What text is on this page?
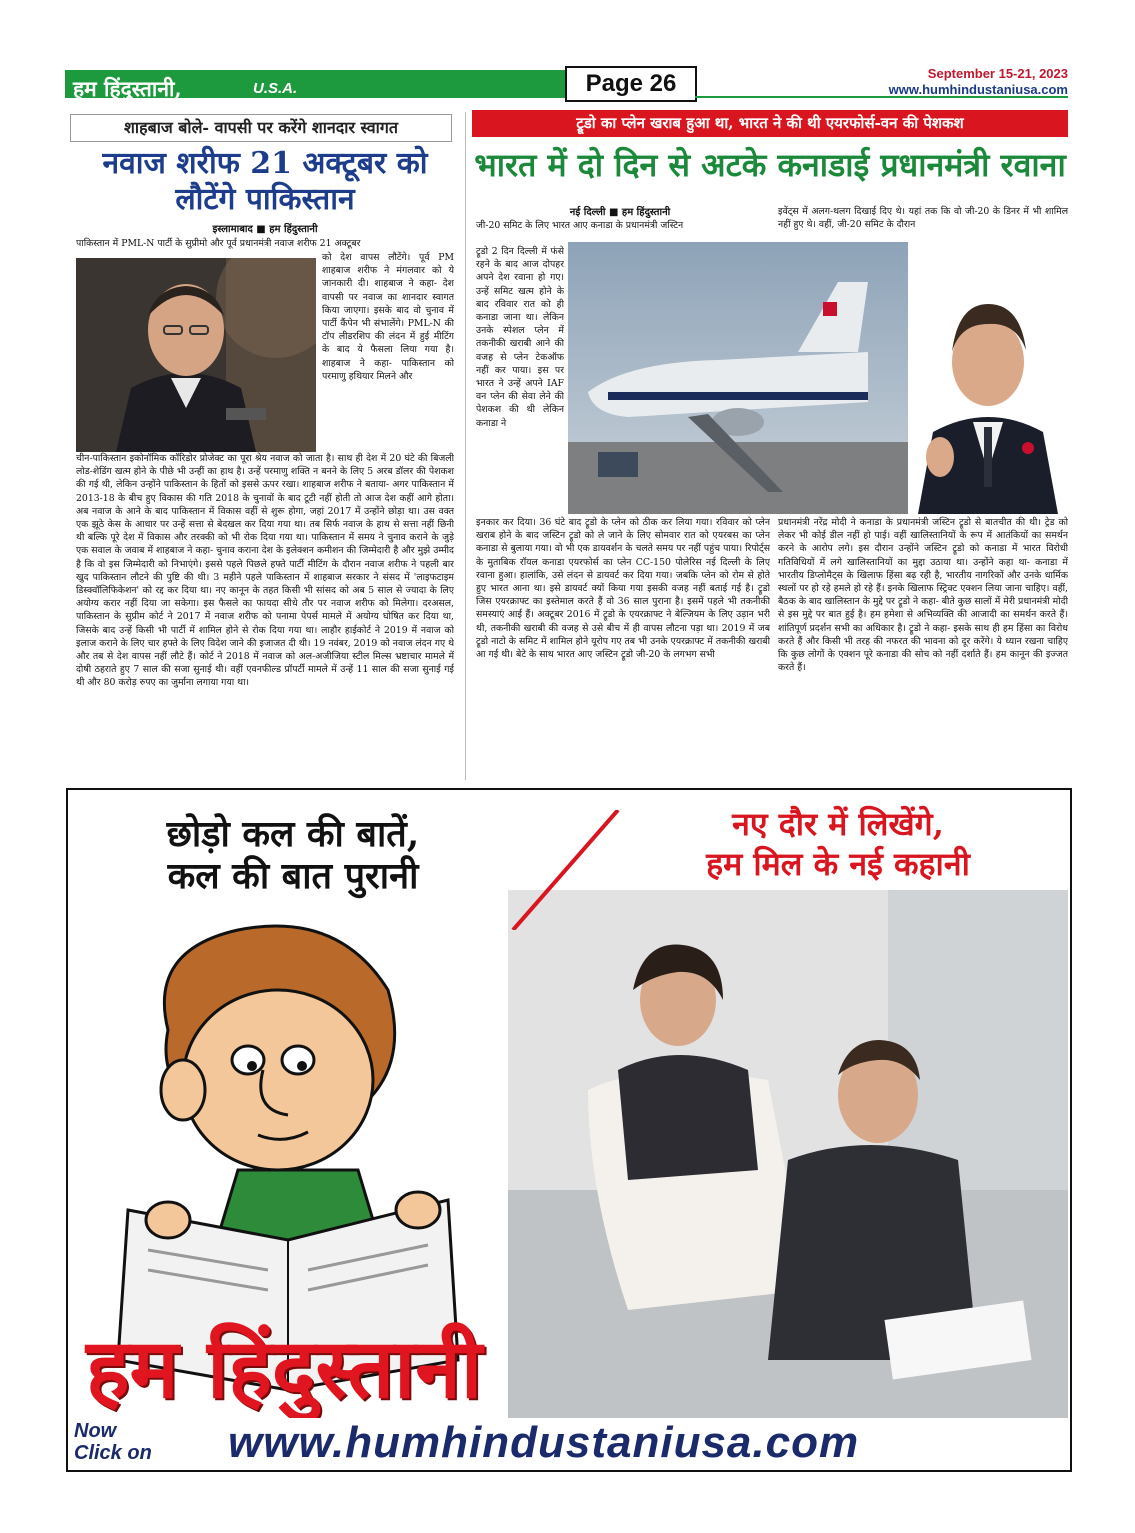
हम हिंदुस्तानी,	U.S.A.	Page 26	September 15-21, 2023
www.humhindustaniusa.com
शाहबाज बोले- वापसी पर करेंगे शानदार स्वागत
नवाज शरीफ 21 अक्टूबर को लौटेंगे पाकिस्तान
इस्लामाबाद ■ हम हिंदुस्तानी

पाकिस्तान में PML-N पार्टी के सुप्रीमो और पूर्व प्रधानमंत्री नवाज शरीफ 21 अक्टूबर

को देश वापस लौटेंगे। पूर्व PM शाहबाज शरीफ ने मंगलवार को ये जानकारी दी। शाहबाज ने कहा- देश वापसी पर नवाज का शानदार स्वागत किया जाएगा। इसके बाद वो चुनाव में पार्टी कैंपेन भी संभालेंगे। PML-N की टॉप लीडरशिप की लंदन में हुई मीटिंग के बाद ये फैसला लिया गया है। शाहबाज ने कहा- पाकिस्तान को परमाणु हथियार मिलने और

चीन-पाकिस्तान इकोनॉमिक कॉरिडोर प्रोजेक्ट का पूरा श्रेय नवाज को जाता है। साथ ही देश में 20 घंटे की बिजली लोड-शेडिंग खत्म होने के पीछे भी उन्हीं का हाथ है। उन्हें परमाणु शक्ति न बनने के लिए 5 अरब डॉलर की पेशकश की गई थी, लेकिन उन्होंने पाकिस्तान के हितों को इससे ऊपर रखा। शाहबाज शरीफ ने बताया- अगर पाकिस्तान में 2013-18 के बीच हुए विकास की गति 2018 के चुनावों के बाद टूटी नहीं होती तो आज देश कहीं आगे होता। अब नवाज के आने के बाद पाकिस्तान में विकास वहीं से शुरू होगा, जहां 2017 में उन्होंने छोड़ा था। उस वक्त एक झूठे केस के आधार पर उन्हें सत्ता से बेदखल कर दिया गया था। तब सिर्फ नवाज के हाथ से सत्ता नहीं छिनी थी बल्कि पूरे देश में विकास और तरक्की को भी रोक दिया गया था। पाकिस्तान में समय ने चुनाव कराने के जुड़े एक सवाल के जवाब में शाहबाज ने कहा- चुनाव कराना देश के इलेक्शन कमीशन की जिम्मेदारी है और मुझे उम्मीद है कि वो इस जिम्मेदारी को निभाएंगे। इससे पहले पिछले हफ्ते पार्टी मीटिंग के दौरान नवाज शरीफ ने पहली बार खुद पाकिस्तान लौटने की पुष्टि की थी। 3 महीने पहले पाकिस्तान में शाहबाज सरकार ने संसद में 'लाइफटाइम डिस्क्वॉलिफिकेशन' को रद्द कर दिया था। नए कानून के तहत किसी भी सांसद को अब 5 साल से ज्यादा के लिए अयोग्य करार नहीं दिया जा सकेगा। इस फैसले का फायदा सीधे तौर पर नवाज शरीफ को मिलेगा। दरअसल, पाकिस्तान के सुप्रीम कोर्ट ने 2017 में नवाज शरीफ को पनामा पेपर्स मामले में अयोग्य घोषित कर दिया था, जिसके बाद उन्हें किसी भी पार्टी में शामिल होने से रोक दिया गया था। लाहौर हाईकोर्ट ने 2019 में नवाज को इलाज कराने के लिए चार हफ्ते के लिए विदेश जाने की इजाजत दी थी। 19 नवंबर, 2019 को नवाज लंदन गए थे और तब से देश वापस नहीं लौटे हैं। कोर्ट ने 2018 में नवाज को अल-अजीजिया स्टील मिल्स भ्रष्टाचार मामले में दोषी ठहराते हुए 7 साल की सजा सुनाई थी। वहीं एवनफील्ड प्रॉपर्टी मामले में उन्हें 11 साल की सजा सुनाई गई थी और 80 करोड़ रुपए का जुर्माना लगाया गया था।

ट्रूडो का प्लेन खराब हुआ था, भारत ने की थी एयरफोर्स-वन की पेशकश
भारत में दो दिन से अटके कनाडाई प्रधानमंत्री रवाना
नई दिल्ली ■ हम हिंदुस्तानी

जी-20 समिट के लिए भारत आए कनाडा के प्रधानमंत्री जस्टिन

इवेंट्स में अलग-थलग दिखाई दिए थे। यहां तक कि वो जी-20 के डिनर में भी शामिल नहीं हुए थे। वहीं, जी-20 समिट के दौरान

ट्रूडो 2 दिन दिल्ली में फंसे रहने के बाद आज दोपहर अपने देश रवाना हो गए। उन्हें समिट खत्म होने के बाद रविवार रात को ही कनाडा जाना था। लेकिन उनके स्पेशल प्लेन में तकनीकी खराबी आने की वजह से प्लेन टेकऑफ नहीं कर पाया। इस पर भारत ने उन्हें अपने IAF वन प्लेन की सेवा लेने की पेशकश की थी लेकिन कनाडा ने

इनकार कर दिया। 36 घंटे बाद ट्रूडो के प्लेन को ठीक कर लिया गया। रविवार को प्लेन खराब होने के बाद जस्टिन ट्रूडो को ले जाने के लिए सोमवार रात को एयरबस का प्लेन कनाडा से बुलाया गया। वो भी एक डायवर्शन के चलते समय पर नहीं पहुंच पाया। रिपोर्ट्स के मुताबिक रॉयल कनाडा एयरफोर्स का प्लेन CC-150 पोलेरिस नई दिल्ली के लिए रवाना हुआ। हालांकि, उसे लंदन से डायवर्ट कर दिया गया। जबकि प्लेन को रोम से होते हुए भारत आना था। इसे डायवर्ट क्यों किया गया इसकी वजह नहीं बताई गई है। ट्रूडो जिस एयरक्राफ्ट का इस्तेमाल करते हैं वो 36 साल पुराना है। इसमें पहले भी तकनीकी समस्याएं आई हैं। अक्टूबर 2016 में ट्रूडो के एयरक्राफ्ट ने बेल्जियम के लिए उड़ान भरी थी, तकनीकी खराबी की वजह से उसे बीच में ही वापस लौटना पड़ा था। 2019 में जब ट्रूडो नाटो के समिट में शामिल होने यूरोप गए तब भी उनके एयरक्राफ्ट में तकनीकी खराबी आ गई थी। बेटे के साथ भारत आए जस्टिन ट्रूडो जी-20 के लगभग सभी

प्रधानमंत्री नरेंद्र मोदी ने कनाडा के प्रधानमंत्री जस्टिन ट्रूडो से बातचीत की थी। ट्रेड को लेकर भी कोई डील नहीं हो पाई। वहीं खालिस्तानियों के रूप में आतंकियों का समर्थन करने के आरोप लगे। इस दौरान उन्होंने जस्टिन ट्रूडो को कनाडा में भारत विरोधी गतिविधियों में लगे खालिस्तानियों का मुद्दा उठाया था। उन्होंने कहा था- कनाडा में भारतीय डिप्लोमैट्स के खिलाफ हिंसा बढ़ रही है, भारतीय नागरिकों और उनके धार्मिक स्थलों पर हो रहे हमले हो रहे हैं। इनके खिलाफ स्ट्रिक्ट एक्शन लिया जाना चाहिए। वहीं, बैठक के बाद खालिस्तान के मुद्दे पर ट्रूडो ने कहा- बीते कुछ सालों में मेरी प्रधानमंत्री मोदी से इस मुद्दे पर बात हुई है। हम हमेशा से अभिव्यक्ति की आजादी का समर्थन करते हैं। शांतिपूर्ण प्रदर्शन सभी का अधिकार है। ट्रूडो ने कहा- इसके साथ ही हम हिंसा का विरोध करते हैं और किसी भी तरह की नफरत की भावना को दूर करेंगे। ये ध्यान रखना चाहिए कि कुछ लोगों के एक्शन पूरे कनाडा की सोच को नहीं दर्शाते हैं। हम कानून की इज्जत करते हैं।

छोड़ो कल की बातें,
कल की बात पुरानी
नए दौर में लिखेंगे,
हम मिल के नई कहानी
हम हिंदुस्तानी
Now
Click on www.humhindustaniusa.com
